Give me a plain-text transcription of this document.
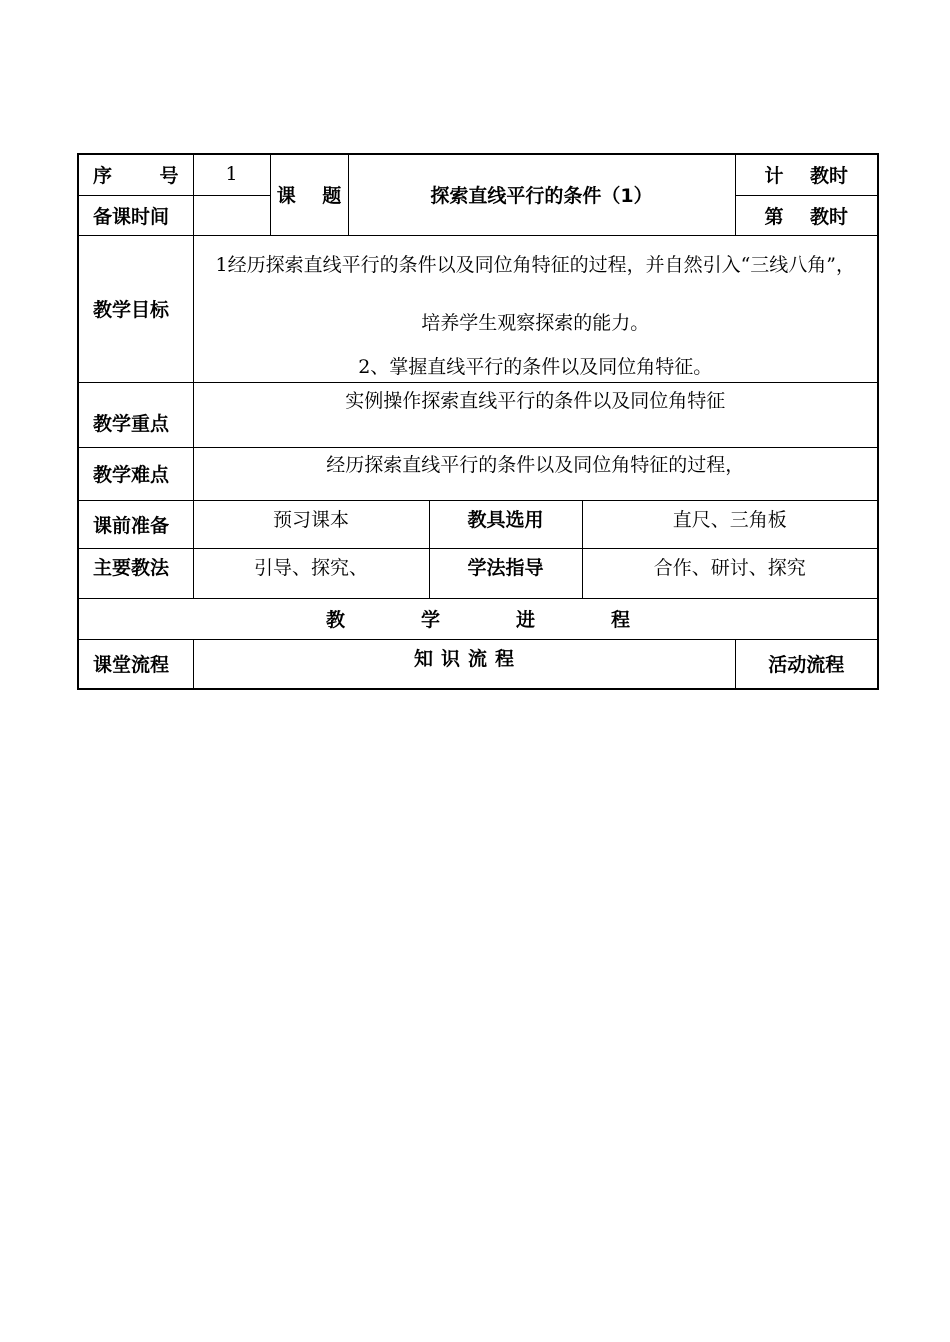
序 号	1	课 题	探索直线平行的条件（1）			计 教时
备课时间						第 教时
教学目标	1经历探索直线平行的条件以及同位角特征的过程，并自然引入“三线八角”，培养学生观察探索的能力。
2、掌握直线平行的条件以及同位角特征。					

教学重点	实例操作探索直线平行的条件以及同位角特征					
教学难点	经历探索直线平行的条件以及同位角特征的过程，					
课前准备	预习课本			教具选用	直尺、三角板	
主要教法	引导、探究、			学法指导	合作、研讨、探究	
教 学 进 程						
课堂流程	知 识 流 程					活动流程
